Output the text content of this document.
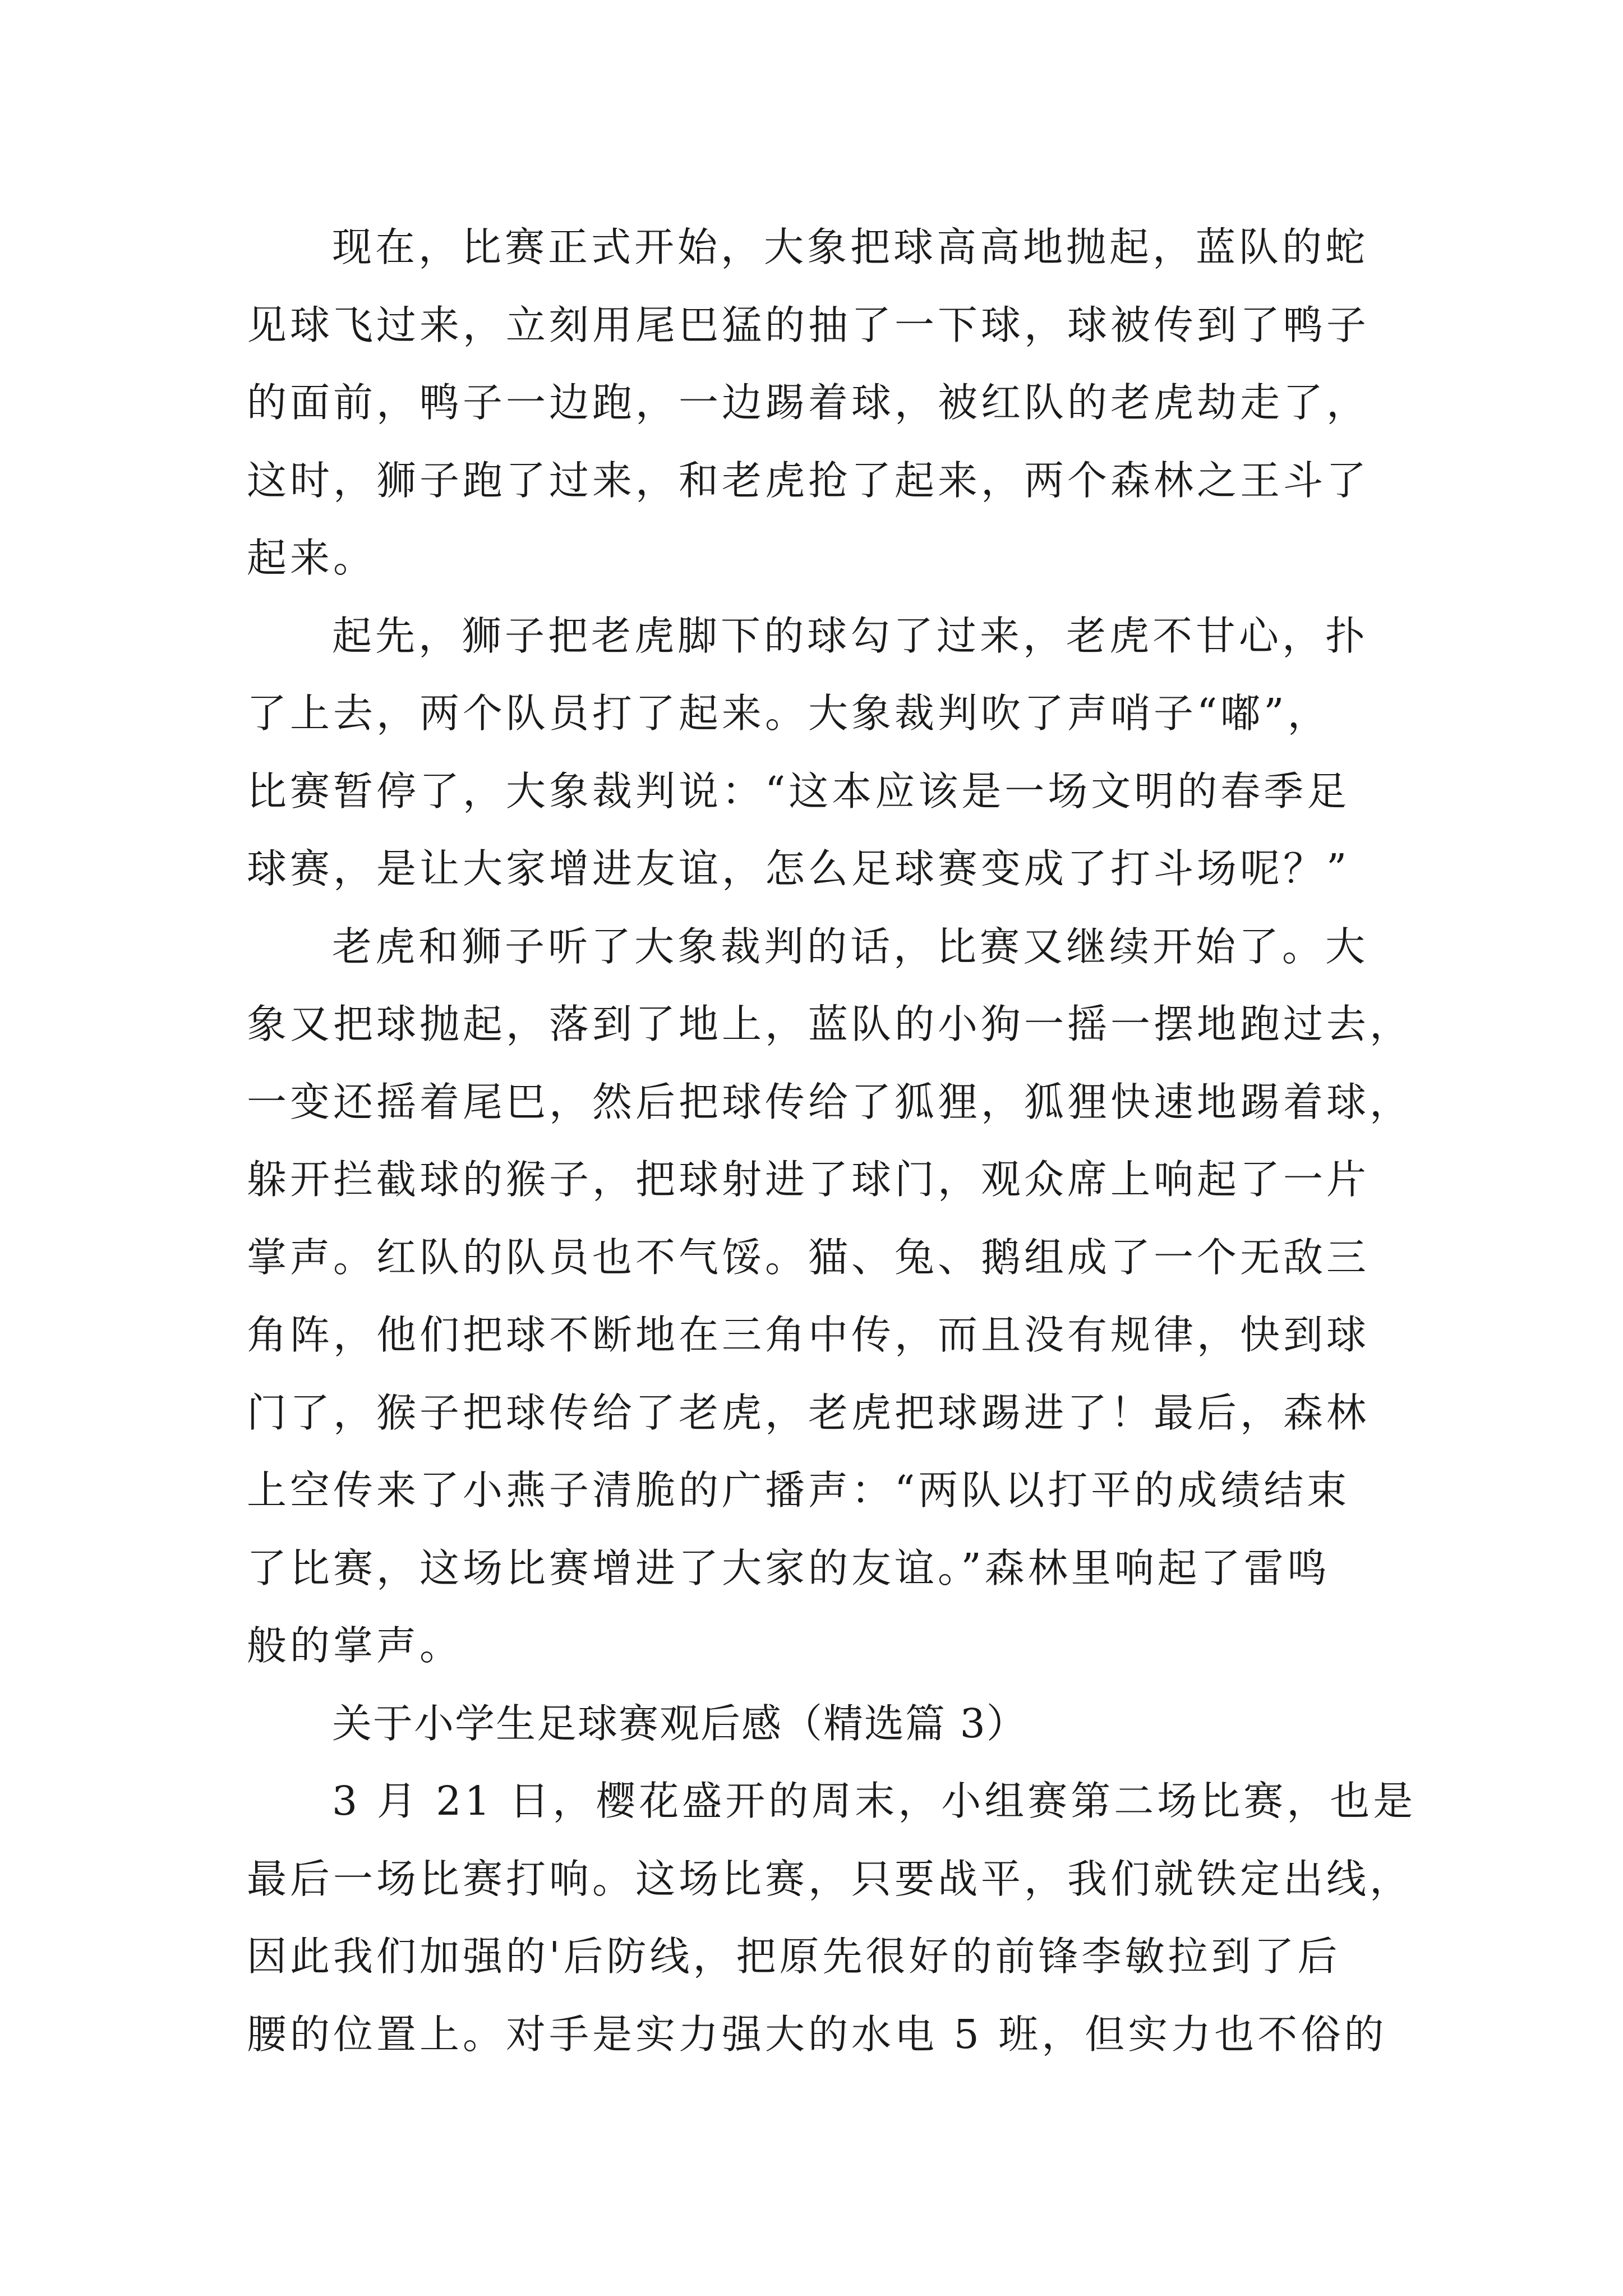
现在，比赛正式开始，大象把球高高地抛起，蓝队的蛇
见球飞过来，立刻用尾巴猛的抽了一下球，球被传到了鸭子
的面前，鸭子一边跑，一边踢着球，被红队的老虎劫走了，
这时，狮子跑了过来，和老虎抢了起来，两个森林之王斗了
起来。
起先，狮子把老虎脚下的球勾了过来，老虎不甘心，扑
了上去，两个队员打了起来。大象裁判吹了声哨子“嘟”，
比赛暂停了，大象裁判说：“这本应该是一场文明的春季足
球赛，是让大家增进友谊，怎么足球赛变成了打斗场呢？”
老虎和狮子听了大象裁判的话，比赛又继续开始了。大
象又把球抛起，落到了地上，蓝队的小狗一摇一摆地跑过去，
一变还摇着尾巴，然后把球传给了狐狸，狐狸快速地踢着球，
躲开拦截球的猴子，把球射进了球门，观众席上响起了一片
掌声。红队的队员也不气馁。猫、兔、鹅组成了一个无敌三
角阵，他们把球不断地在三角中传，而且没有规律，快到球
门了，猴子把球传给了老虎，老虎把球踢进了！最后，森林
上空传来了小燕子清脆的广播声：“两队以打平的成绩结束
了比赛，这场比赛增进了大家的友谊。”森林里响起了雷鸣
般的掌声。
关于小学生足球赛观后感（精选篇 3）
3 月 21 日，樱花盛开的周末，小组赛第二场比赛，也是
最后一场比赛打响。这场比赛，只要战平，我们就铁定出线，
因此我们加强的'后防线，把原先很好的前锋李敏拉到了后
腰的位置上。对手是实力强大的水电 5 班，但实力也不俗的
